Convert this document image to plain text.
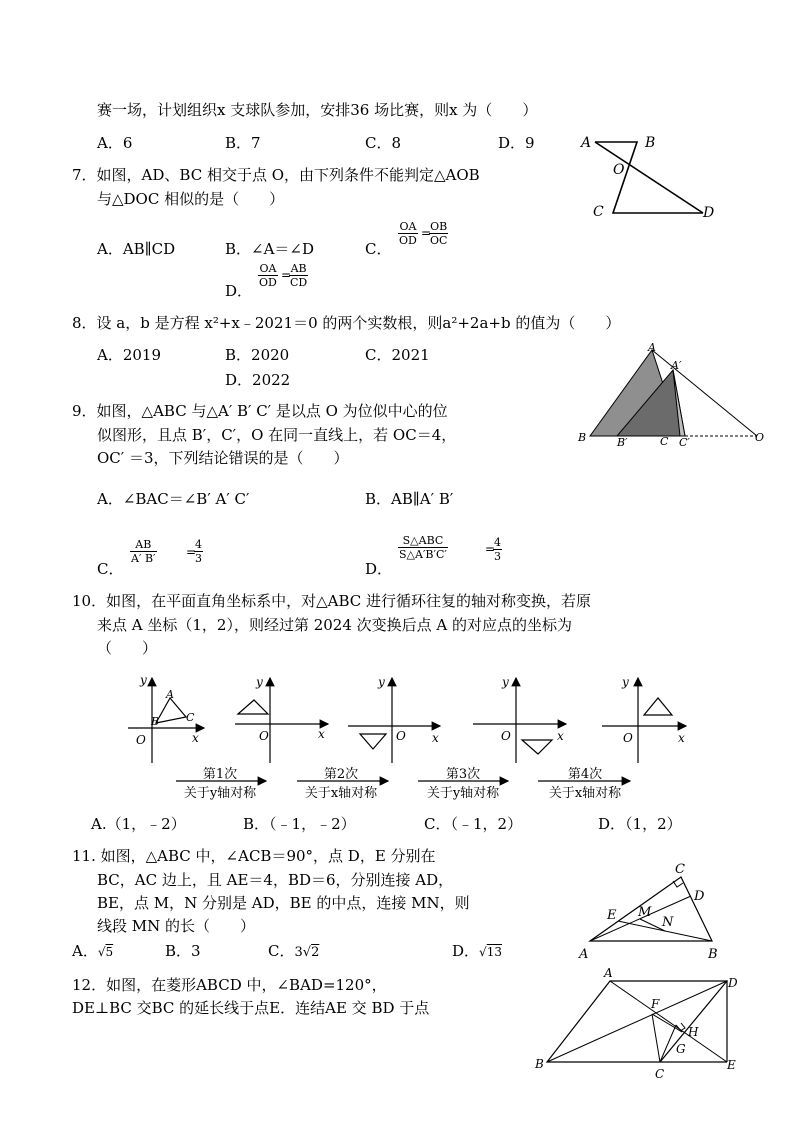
赛一场，计划组织x 支球队参加，安排36 场比赛，则x 为（　　）
A．6	B．7	C．8	D．9	A	B
O
C	D
7．如图，AD、BC 相交于点 O，由下列条件不能判定△AOB
与△DOC 相似的是（　　）
A．AB∥CD	B．∠A＝∠D	C．
$\frac{OA}{OD}$ =
$\frac{OB}{OC}$
D．
$\frac{OA}{OD}$ =
$\frac{AB}{CD}$
8．设 a，b 是方程 x²+x﹣2021＝0 的两个实数根，则a²+2a+b 的值为（　　）
A．2019	B．2020	C．2021
D．2022
A
A′
B	B′	C C′	O
9．如图，△ABC 与△A′ B′ C′ 是以点 O 为位似中心的位
似图形，且点 B′，C′，O 在同一直线上，若 OC＝4，
OC′ ＝3，下列结论错误的是（　　）
A．∠BAC＝∠B′ A′ C′	B．AB∥A′ B′
C．
$\frac{AB}{A' B'}$ =
$\frac{4}{3}$
D．
S△ABC
S△A′B′C′	=
$\frac{4}{3}$
10．如图，在平面直角坐标系中，对△ABC 进行循环往复的轴对称变换，若原
来点 A 坐标（1，2），则经过第 2024 次变换后点 A 的对应点的坐标为
（　　）
y
x
O
A
B C
y
x
O
y
x
O
y
x
O
y
x
O
第1次
关于y轴对称
第2次
关于x轴对称
第3次
关于y轴对称
第4次
关于x轴对称
A.（1，﹣2）	B．（﹣1，﹣2）	C．（﹣1，2）	D．（1，2）
11. 如图，△ABC 中，∠ACB＝90°，点 D，E 分别在
BC，AC 边上，且 AE＝4，BD＝6，分别连接 AD，
BE，点 M，N 分别是 AD，BE 的中点，连接 MN，则
线段 MN 的长（　　）
A．√5	B．3	C．3√2	D．√13
C
D
E M
N
A	B
12．如图，在菱形ABCD 中，∠BAD=120°，
DE⊥BC 交BC 的延长线于点E．连结AE 交 BD 于点
A
D
F
H
G
B
C
E
